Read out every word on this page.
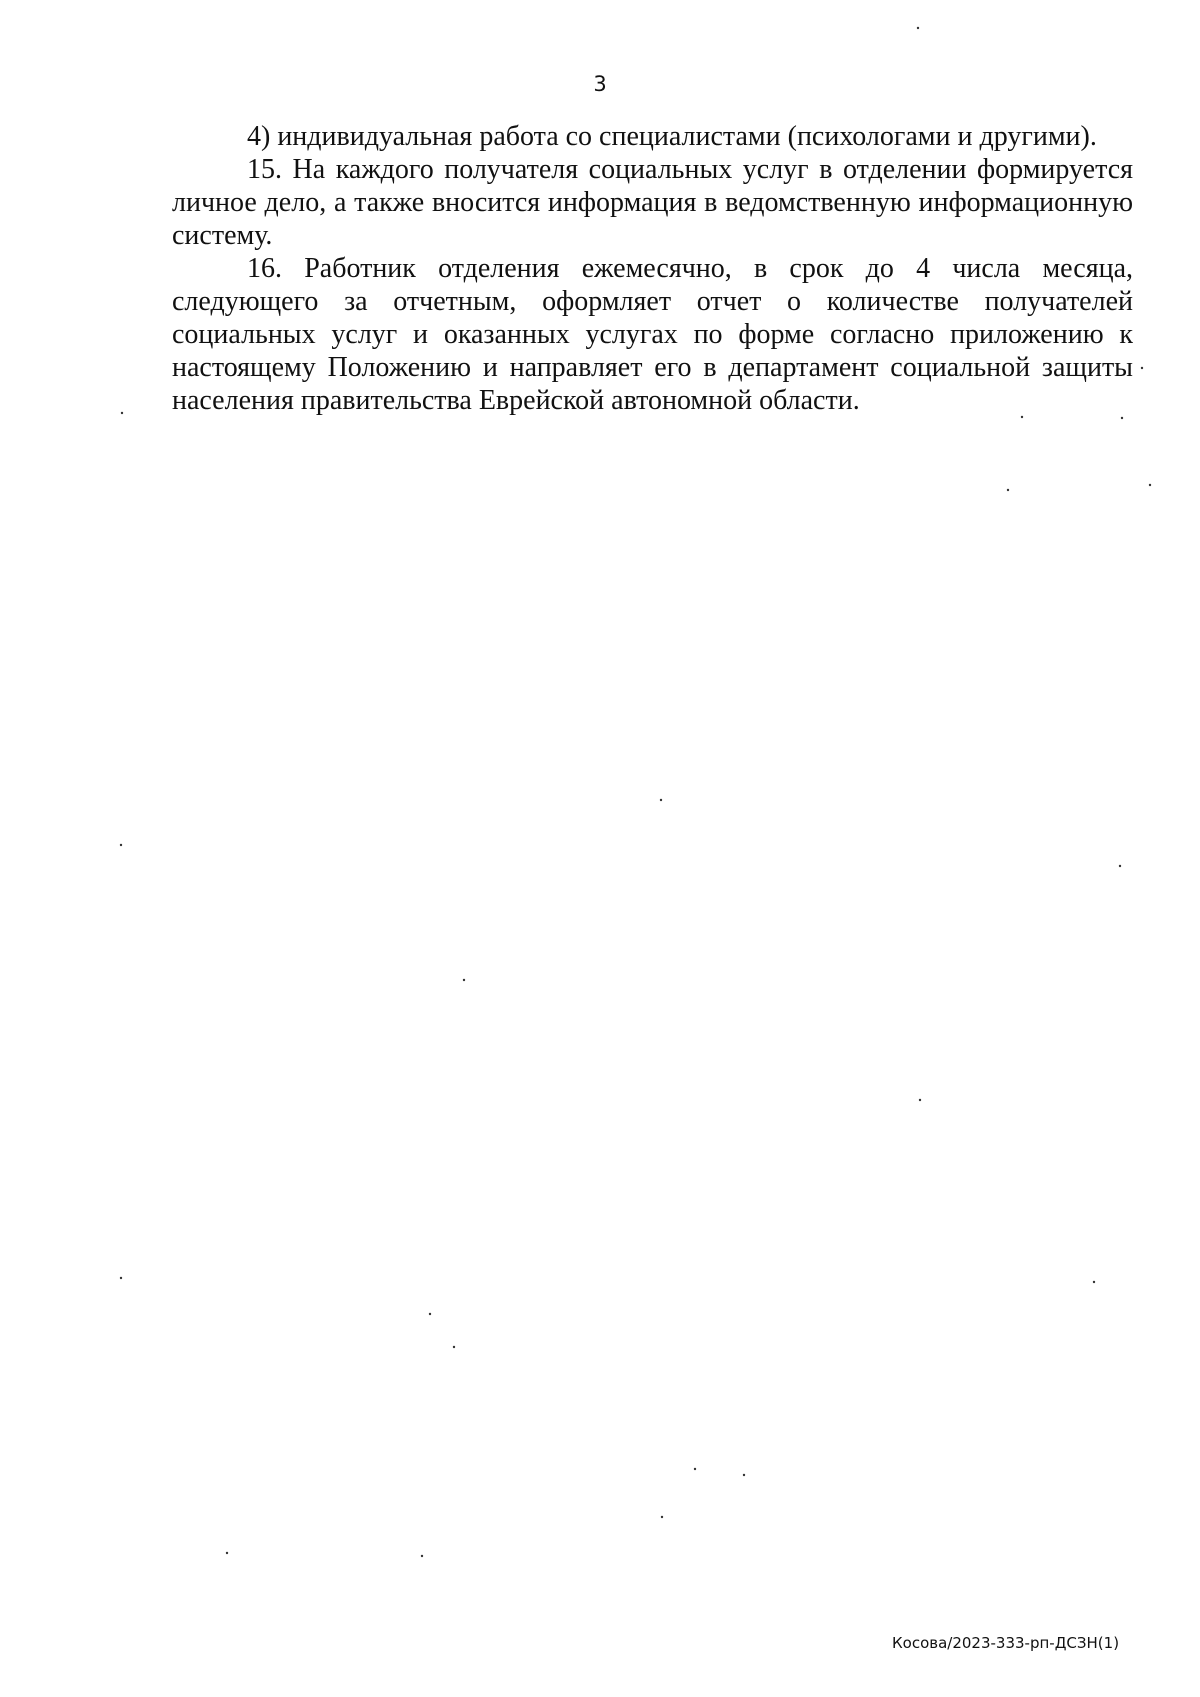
3

4) индивидуальная работа со специалистами (психологами и другими).

15. На каждого получателя социальных услуг в отделении формируется личное дело, а также вносится информация в ведомственную информационную систему.

16. Работник отделения ежемесячно, в срок до 4 числа месяца, следующего за отчетным, оформляет отчет о количестве получателей социальных услуг и оказанных услугах по форме согласно приложению к настоящему Положению и направляет его в департамент социальной защиты населения правительства Еврейской автономной области.

Косова/2023-333-рп-ДСЗН(1)
